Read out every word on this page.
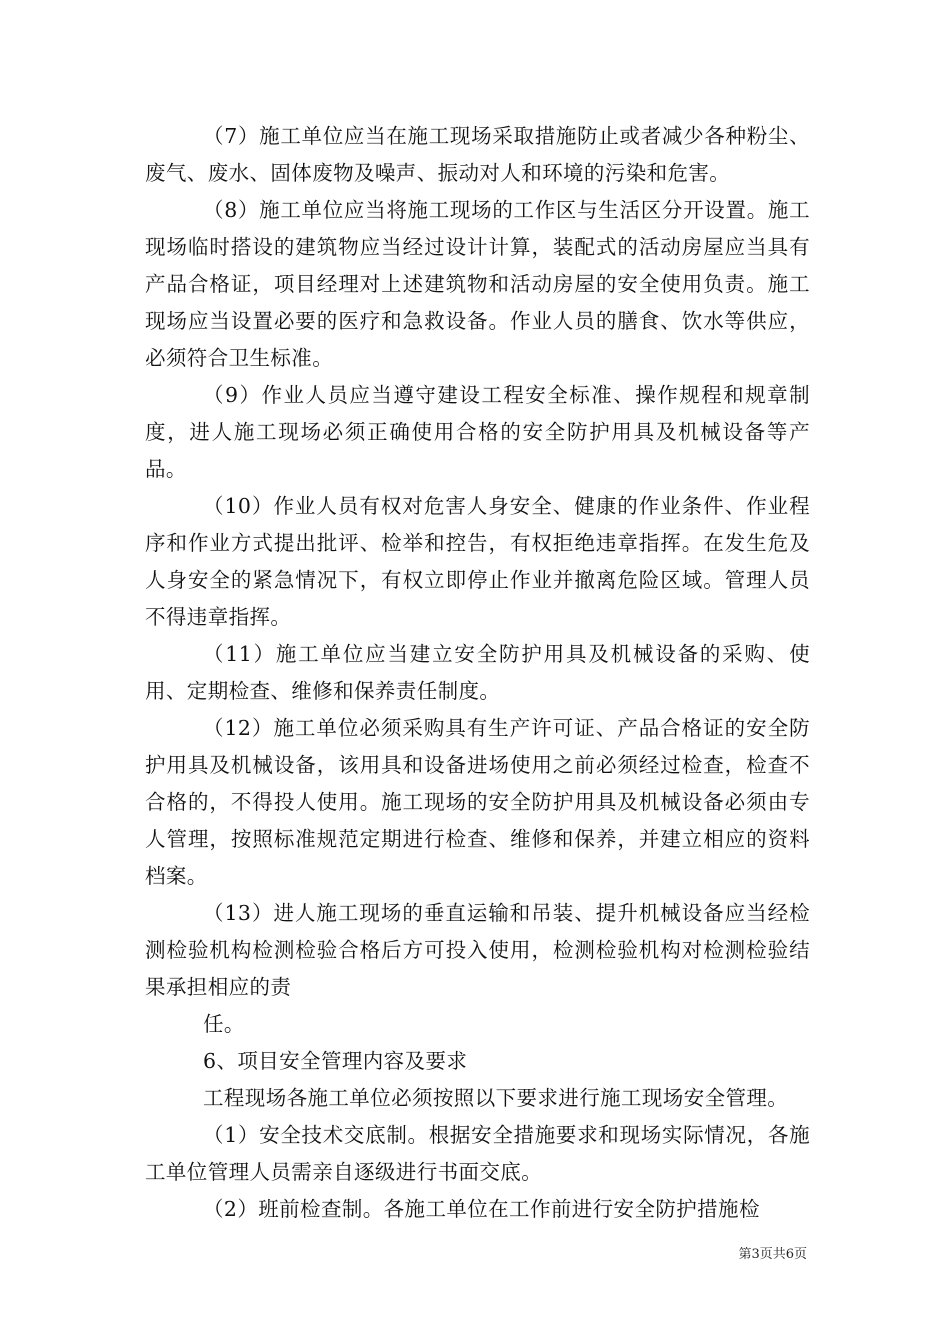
（7）施工单位应当在施工现场采取措施防止或者减少各种粉尘、废气、废水、固体废物及噪声、振动对人和环境的污染和危害。

（8）施工单位应当将施工现场的工作区与生活区分开设置。施工现场临时搭设的建筑物应当经过设计计算，装配式的活动房屋应当具有产品合格证，项目经理对上述建筑物和活动房屋的安全使用负责。施工现场应当设置必要的医疗和急救设备。作业人员的膳食、饮水等供应，必须符合卫生标准。

（9）作业人员应当遵守建设工程安全标准、操作规程和规章制度，进人施工现场必须正确使用合格的安全防护用具及机械设备等产品。

（10）作业人员有权对危害人身安全、健康的作业条件、作业程序和作业方式提出批评、检举和控告，有权拒绝违章指挥。在发生危及人身安全的紧急情况下，有权立即停止作业并撤离危险区域。管理人员不得违章指挥。

（11）施工单位应当建立安全防护用具及机械设备的采购、使用、定期检查、维修和保养责任制度。

（12）施工单位必须采购具有生产许可证、产品合格证的安全防护用具及机械设备，该用具和设备进场使用之前必须经过检查，检查不合格的，不得投人使用。施工现场的安全防护用具及机械设备必须由专人管理，按照标准规范定期进行检查、维修和保养，并建立相应的资料档案。

（13）进人施工现场的垂直运输和吊装、提升机械设备应当经检测检验机构检测检验合格后方可投入使用，检测检验机构对检测检验结果承担相应的责

任。

6、项目安全管理内容及要求

工程现场各施工单位必须按照以下要求进行施工现场安全管理。

（1）安全技术交底制。根据安全措施要求和现场实际情况，各施工单位管理人员需亲自逐级进行书面交底。

（2）班前检查制。各施工单位在工作前进行安全防护措施检

第3页共6页
